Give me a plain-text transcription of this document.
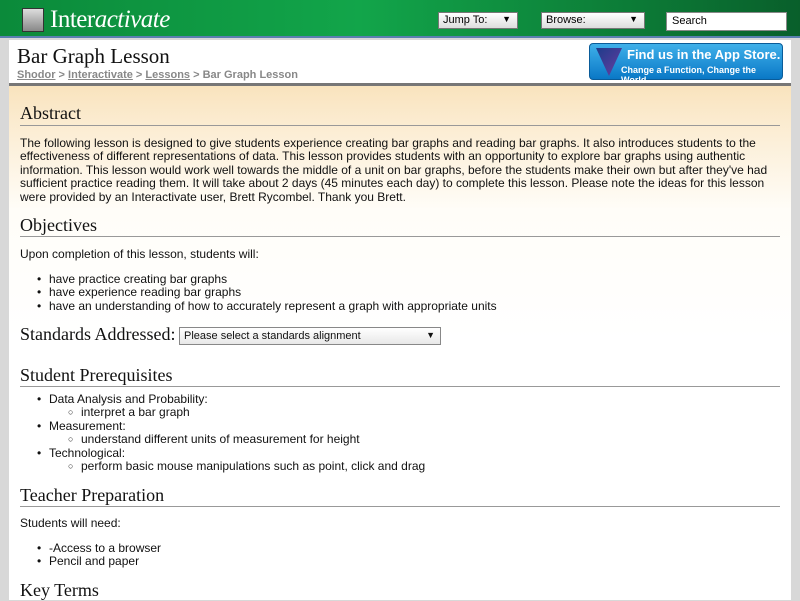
Inter activate	Jump To: ▼	Browse:	▼	Search
Bar Graph Lesson
Shodor > Interactivate > Lessons > Bar Graph Lesson
Find us in the App Store.
Change a Function, Change the World
Abstract
The following lesson is designed to give students experience creating bar graphs and reading bar graphs. It also introduces students to the effectiveness of different representations of data. This lesson provides students with an opportunity to explore bar graphs using authentic information. This lesson would work well towards the middle of a unit on bar graphs, before the students make their own but after they've had sufficient practice reading them. It will take about 2 days (45 minutes each day) to complete this lesson. Please note the ideas for this lesson were provided by an Interactivate user, Brett Rycombel. Thank you Brett.
Objectives
Upon completion of this lesson, students will:
• have practice creating bar graphs
• have experience reading bar graphs
• have an understanding of how to accurately represent a graph with appropriate units
Standards Addressed: Please select a standards alignment	▼
Student Prerequisites
• Data Analysis and Probability:
○ interpret a bar graph
• Measurement:
○ understand different units of measurement for height
• Technological:
○ perform basic mouse manipulations such as point, click and drag
Teacher Preparation
Students will need:
• -Access to a browser
• Pencil and paper
Key Terms
